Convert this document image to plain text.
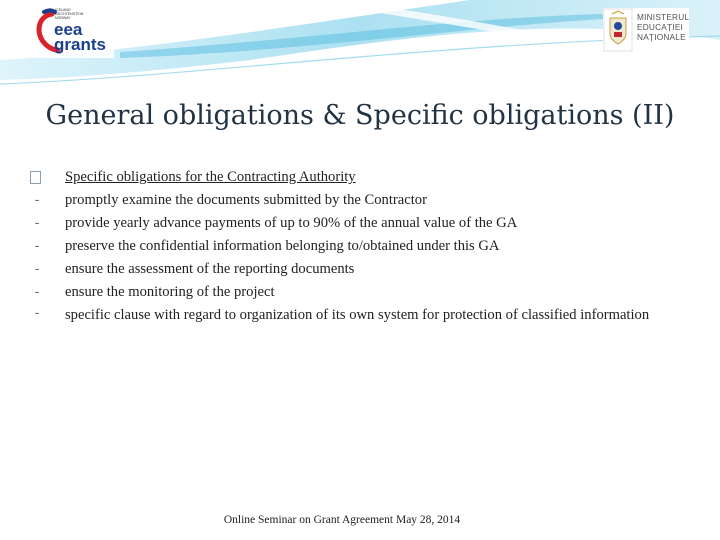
ICELAND LIECHTENSTEIN NORWAY
eea
grants
MINISTERUL
EDUCAȚIEI
NAȚIONALE
General obligations & Specific obligations (II)
Specific obligations for the Contracting Authority
-	promptly examine the documents submitted by the Contractor
-	provide yearly advance payments of up to 90% of the annual value of the GA
-	preserve the confidential information belonging to/obtained under this GA
-	ensure the assessment of the reporting documents
-	ensure the monitoring of the project
-	specific clause with regard to organization of its own system for protection of classified information
Online Seminar on Grant Agreement May 28, 2014
